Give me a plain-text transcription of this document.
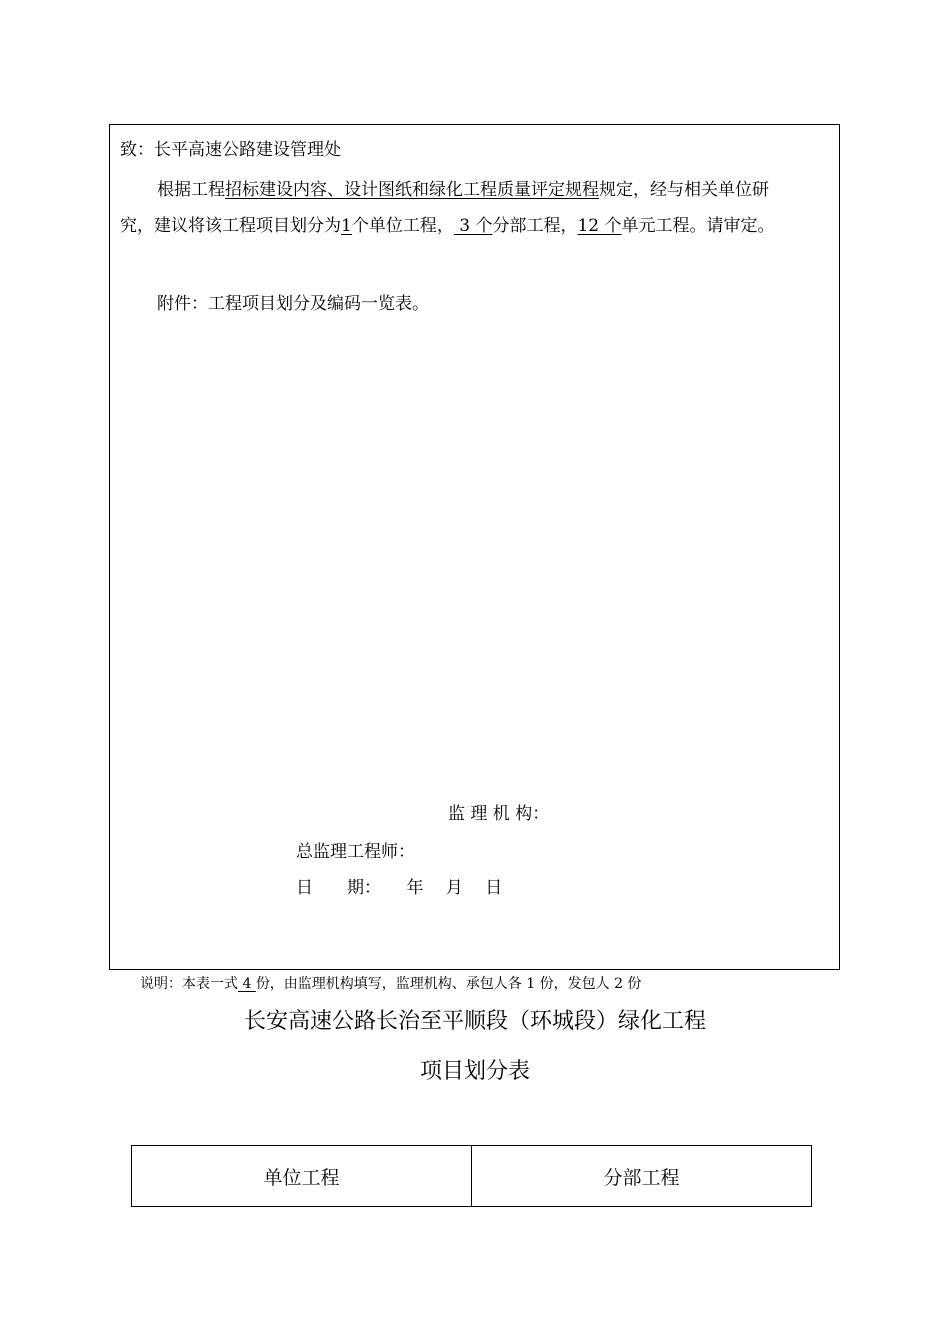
致：长平高速公路建设管理处
根据工程招标建设内容、设计图纸和绿化工程质量评定规程规定，经与相关单位研
究，建议将该工程项目划分为1个单位工程， 3 个分部工程，12 个单元工程。请审定。
附件：工程项目划分及编码一览表。
监 理 机 构：
总监理工程师：
日　　期：　　年　 月　 日
说明：本表一式 4 份，由监理机构填写，监理机构、承包人各 1 份，发包人 2 份
长安高速公路长治至平顺段（环城段）绿化工程
项目划分表
单位工程	分部工程
